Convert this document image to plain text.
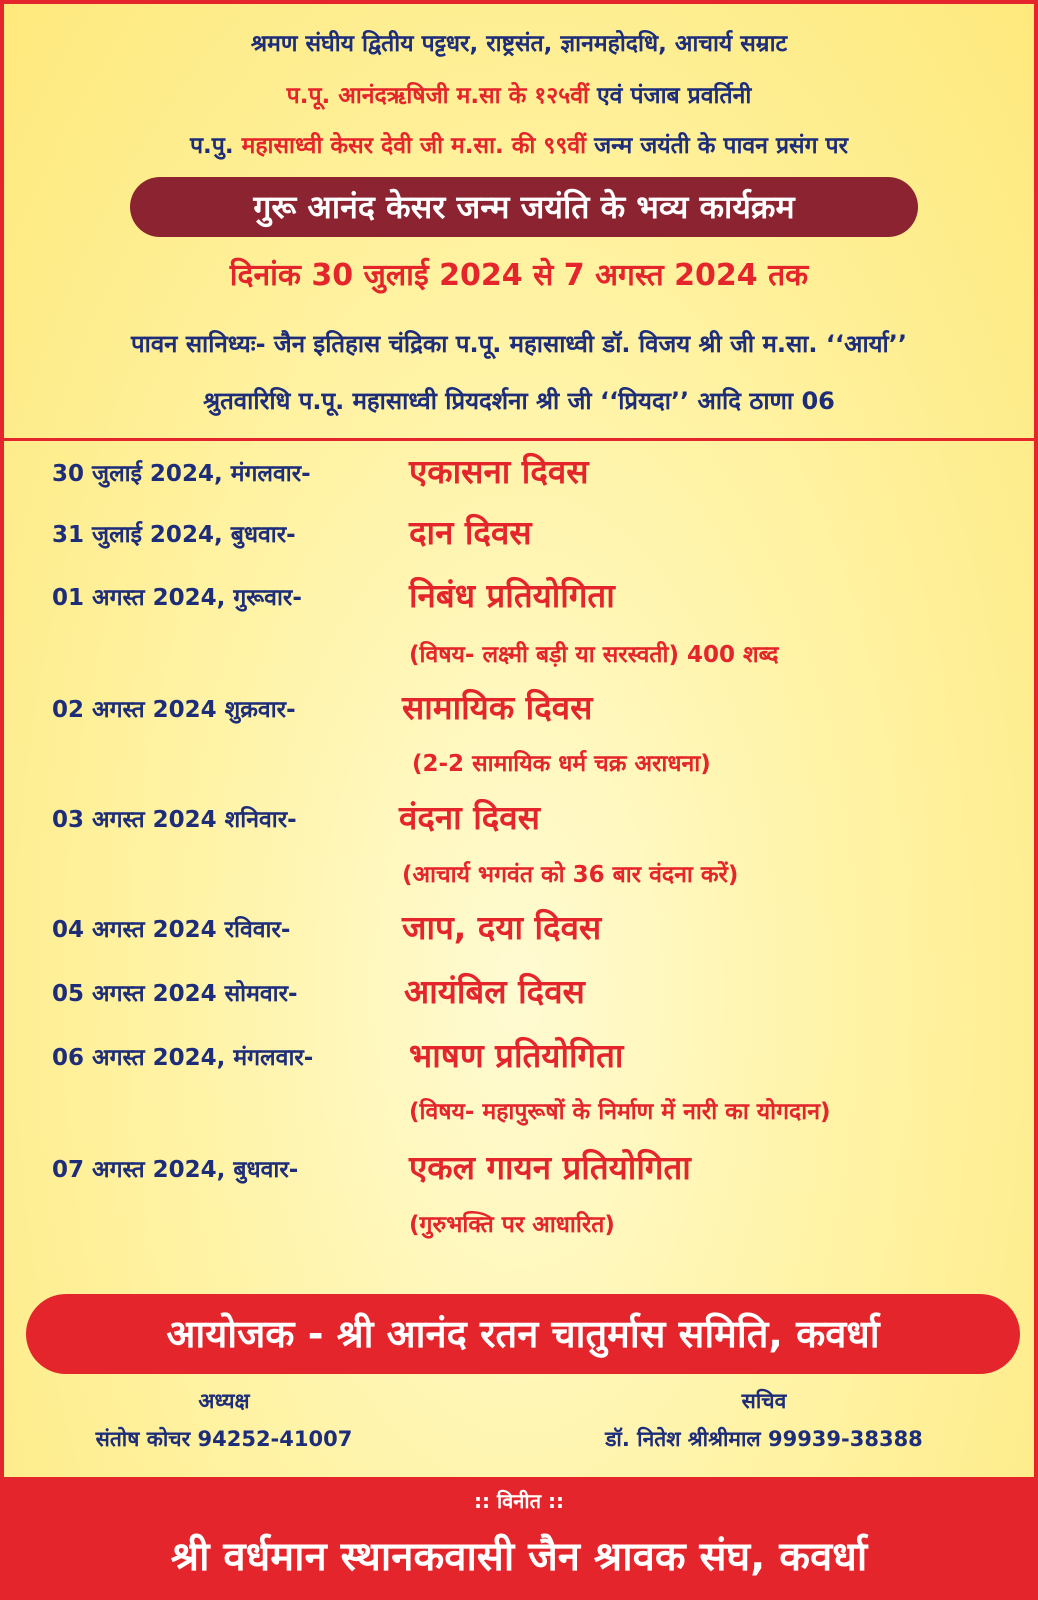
श्रमण संघीय द्वितीय पट्टधर, राष्ट्रसंत, ज्ञानमहोदधि, आचार्य सम्राट
प.पू. आनंदऋषिजी म.सा के १२५वीं एवं पंजाब प्रवर्तिनी
प.पु. महासाध्वी केसर देवी जी म.सा. की ९९वीं जन्म जयंती के पावन प्रसंग पर
गुरू आनंद केसर जन्म जयंति के भव्य कार्यक्रम
दिनांक 30 जुलाई 2024 से 7 अगस्त 2024 तक
पावन सानिध्यः- जैन इतिहास चंद्रिका प.पू. महासाध्वी डॉ. विजय श्री जी म.सा. ‘‘आर्या’’
श्रुतवारिधि प.पू. महासाध्वी प्रियदर्शना श्री जी ‘‘प्रियदा’’ आदि ठाणा 06
30 जुलाई 2024, मंगलवार-	एकासना दिवस
31 जुलाई 2024, बुधवार-	दान दिवस
01 अगस्त 2024, गुरूवार-	निबंध प्रतियोगिता
(विषय- लक्ष्मी बड़ी या सरस्वती) 400 शब्द
02 अगस्त 2024 शुक्रवार-	सामायिक दिवस
(2-2 सामायिक धर्म चक्र अराधना)
03 अगस्त 2024 शनिवार-	वंदना दिवस
(आचार्य भगवंत को 36 बार वंदना करें)
04 अगस्त 2024 रविवार-	जाप, दया दिवस
05 अगस्त 2024 सोमवार-	आयंबिल दिवस
06 अगस्त 2024, मंगलवार-	भाषण प्रतियोगिता
(विषय- महापुरूषों के निर्माण में नारी का योगदान)
07 अगस्त 2024, बुधवार-	एकल गायन प्रतियोगिता
(गुरुभक्ति पर आधारित)
आयोजक - श्री आनंद रतन चातुर्मास समिति, कवर्धा
अध्यक्ष
संतोष कोचर 94252-41007
सचिव
डॉ. नितेश श्रीश्रीमाल 99939-38388
:: विनीत ::
श्री वर्धमान स्थानकवासी जैन श्रावक संघ, कवर्धा
